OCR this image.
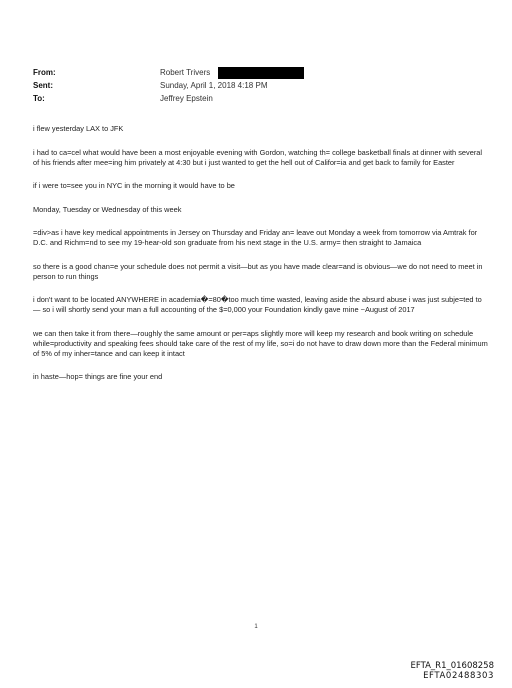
From:	Robert Trivers
Sent:	Sunday, April 1, 2018 4:18 PM
To:	Jeffrey Epstein

i flew yesterday LAX to JFK

i had to ca=cel what would have been a most enjoyable evening with Gordon, watching th= college basketball finals at dinner with several of his friends after mee=ing him privately at 4:30 but i just wanted to get the hell out of Califor=ia and get back to family for Easter

if i were to=see you in NYC in the morning it would have to be

Monday, Tuesday or Wednesday of this week

=div>as i have key medical appointments in Jersey on Thursday and Friday an= leave out Monday a week from tomorrow via Amtrak for D.C. and Richm=nd to see my 19-hear-old son graduate from his next stage in the U.S. army= then straight to Jamaica

so there is a good chan=e your schedule does not permit a visit—but as you have made clear=and is obvious—we do not need to meet in person to run things

i don't want to be located ANYWHERE in academia�=80�too much time wasted, leaving aside the absurd abuse i was just subje=ted to— so i will shortly send your man a full accounting of the $=0,000 your Foundation kindly gave mine ~August of 2017

we can then take it from there—roughly the same amount or per=aps slightly more will keep my research and book writing on schedule while=productivity and speaking fees should take care of the rest of my life, so=i do not have to draw down more than the Federal minimum of 5% of my inher=tance and can keep it intact

in haste—hop= things are fine your end

1
EFTA_R1_01608258
EFTA02488303
